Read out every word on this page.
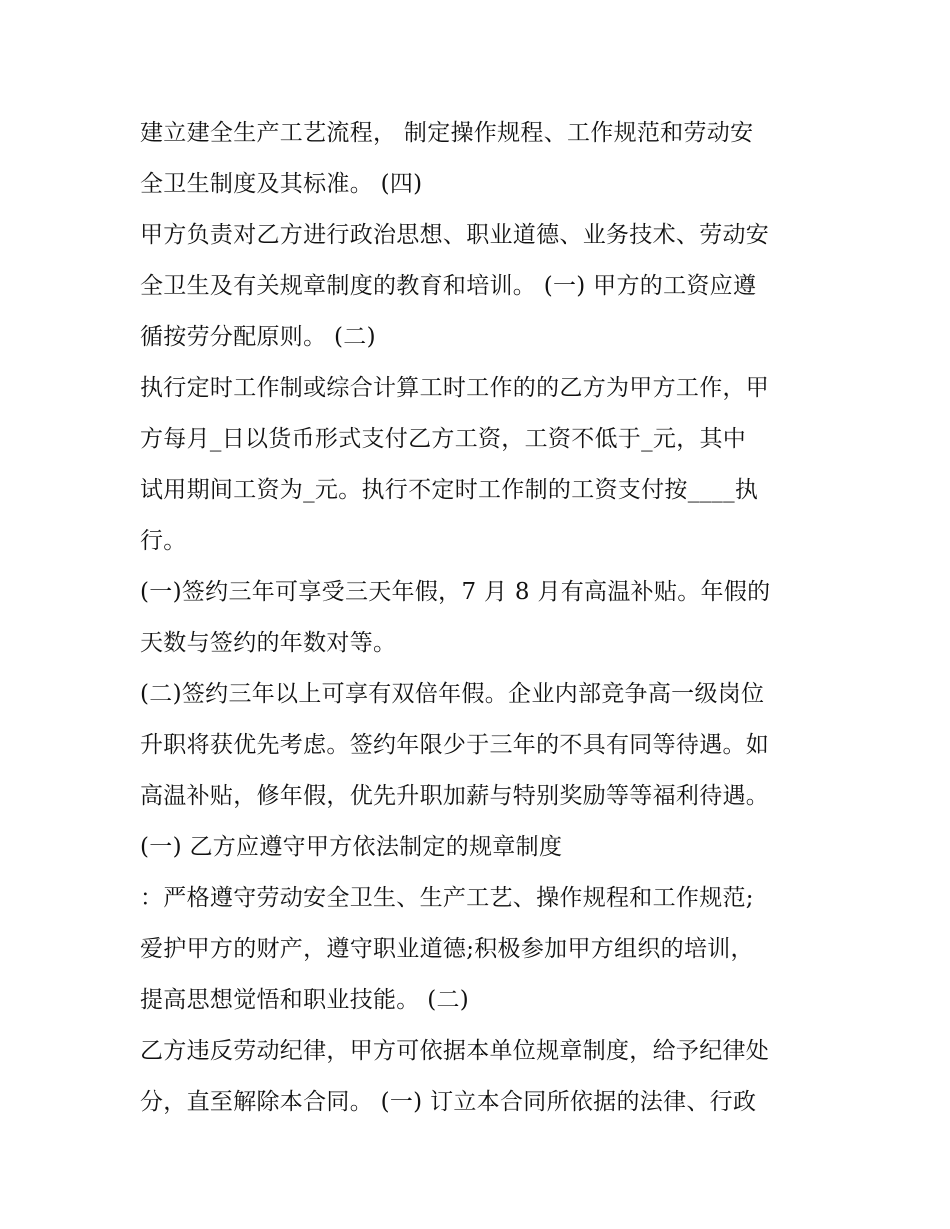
建立建全生产工艺流程， 制定操作规程、工作规范和劳动安
全卫生制度及其标准。 (四)
甲方负责对乙方进行政治思想、职业道德、业务技术、劳动安
全卫生及有关规章制度的教育和培训。 (一) 甲方的工资应遵
循按劳分配原则。 (二)
执行定时工作制或综合计算工时工作的的乙方为甲方工作，甲
方每月_日以货币形式支付乙方工资，工资不低于_元，其中
试用期间工资为_元。执行不定时工作制的工资支付按____执
行。
(一)签约三年可享受三天年假，7 月 8 月有高温补贴。年假的
天数与签约的年数对等。
(二)签约三年以上可享有双倍年假。企业内部竞争高一级岗位
升职将获优先考虑。签约年限少于三年的不具有同等待遇。如
高温补贴，修年假，优先升职加薪与特别奖励等等福利待遇。
(一) 乙方应遵守甲方依法制定的规章制度
：严格遵守劳动安全卫生、生产工艺、操作规程和工作规范;
爱护甲方的财产，遵守职业道德;积极参加甲方组织的培训，
提高思想觉悟和职业技能。 (二)
乙方违反劳动纪律，甲方可依据本单位规章制度，给予纪律处
分，直至解除本合同。 (一) 订立本合同所依据的法律、行政
